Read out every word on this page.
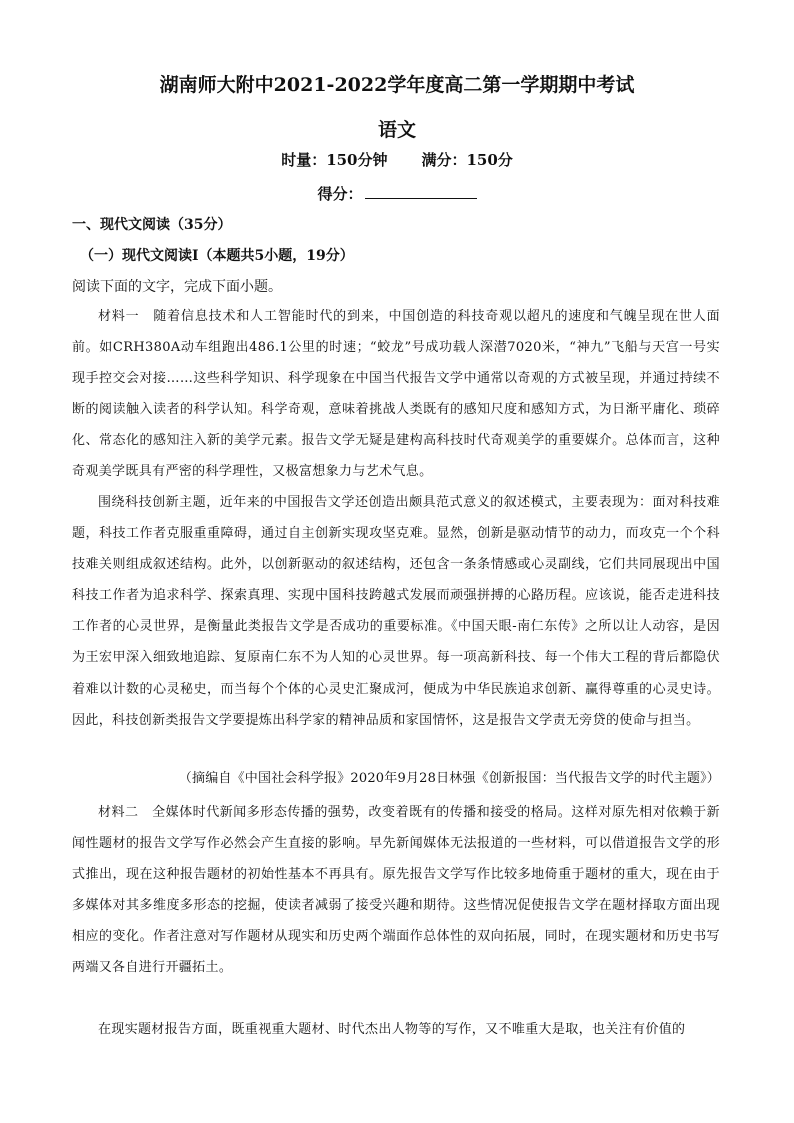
湖南师大附中2021-2022学年度高二第一学期期中考试
语文
时量：150分钟 满分：150分
得分：
一、现代文阅读（35分）
（一）现代文阅读Ⅰ（本题共5小题，19分）
阅读下面的文字，完成下面小题。

材料一　随着信息技术和人工智能时代的到来，中国创造的科技奇观以超凡的速度和气魄呈现在世人面前。如CRH380A动车组跑出486.1公里的时速；“蛟龙”号成功载人深潜7020米，“神九”飞船与天宫一号实现手控交会对接……这些科学知识、科学现象在中国当代报告文学中通常以奇观的方式被呈现，并通过持续不断的阅读触入读者的科学认知。科学奇观，意味着挑战人类既有的感知尺度和感知方式，为日渐平庸化、琐碎化、常态化的感知注入新的美学元素。报告文学无疑是建构高科技时代奇观美学的重要媒介。总体而言，这种奇观美学既具有严密的科学理性，又极富想象力与艺术气息。

围绕科技创新主题，近年来的中国报告文学还创造出颇具范式意义的叙述模式，主要表现为：面对科技难题，科技工作者克服重重障碍，通过自主创新实现攻坚克难。显然，创新是驱动情节的动力，而攻克一个个科技难关则组成叙述结构。此外，以创新驱动的叙述结构，还包含一条条情感或心灵副线，它们共同展现出中国科技工作者为追求科学、探索真理、实现中国科技跨越式发展而顽强拼搏的心路历程。应该说，能否走进科技工作者的心灵世界，是衡量此类报告文学是否成功的重要标准。《中国天眼-南仁东传》之所以让人动容，是因为王宏甲深入细致地追踪、复原南仁东不为人知的心灵世界。每一项高新科技、每一个伟大工程的背后都隐伏着难以计数的心灵秘史，而当每个个体的心灵史汇聚成河，便成为中华民族追求创新、赢得尊重的心灵史诗。因此，科技创新类报告文学要提炼出科学家的精神品质和家国情怀，这是报告文学责无旁贷的使命与担当。

（摘编自《中国社会科学报》2020年9月28日林强《创新报国：当代报告文学的时代主题》）

材料二　全媒体时代新闻多形态传播的强势，改变着既有的传播和接受的格局。这样对原先相对依赖于新闻性题材的报告文学写作必然会产生直接的影响。早先新闻媒体无法报道的一些材料，可以借道报告文学的形式推出，现在这种报告题材的初始性基本不再具有。原先报告文学写作比较多地倚重于题材的重大，现在由于多媒体对其多维度多形态的挖掘，使读者减弱了接受兴趣和期待。这些情况促使报告文学在题材择取方面出现相应的变化。作者注意对写作题材从现实和历史两个端面作总体性的双向拓展，同时，在现实题材和历史书写两端又各自进行开疆拓土。

在现实题材报告方面，既重视重大题材、时代杰出人物等的写作，又不唯重大是取，也关注有价值的
